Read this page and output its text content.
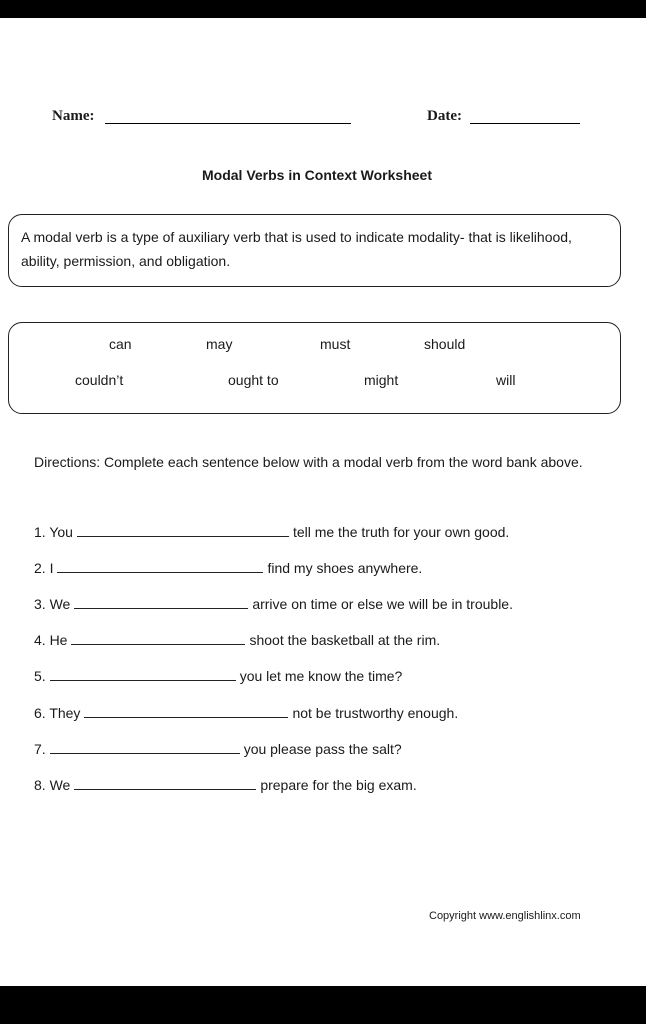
Name:	Date:
Modal Verbs in Context Worksheet
A modal verb is a type of auxiliary verb that is used to indicate modality- that is likelihood, ability, permission, and obligation.
can	may	must	should
couldn’t	ought to	might	will
Directions: Complete each sentence below with a modal verb from the word bank above.
1. You	tell me the truth for your own good.
2. I	find my shoes anywhere.
3. We	arrive on time or else we will be in trouble.
4. He	shoot the basketball at the rim.
5.	you let me know the time?
6. They	not be trustworthy enough.
7.	you please pass the salt?
8. We	prepare for the big exam.
Copyright www.englishlinx.com
